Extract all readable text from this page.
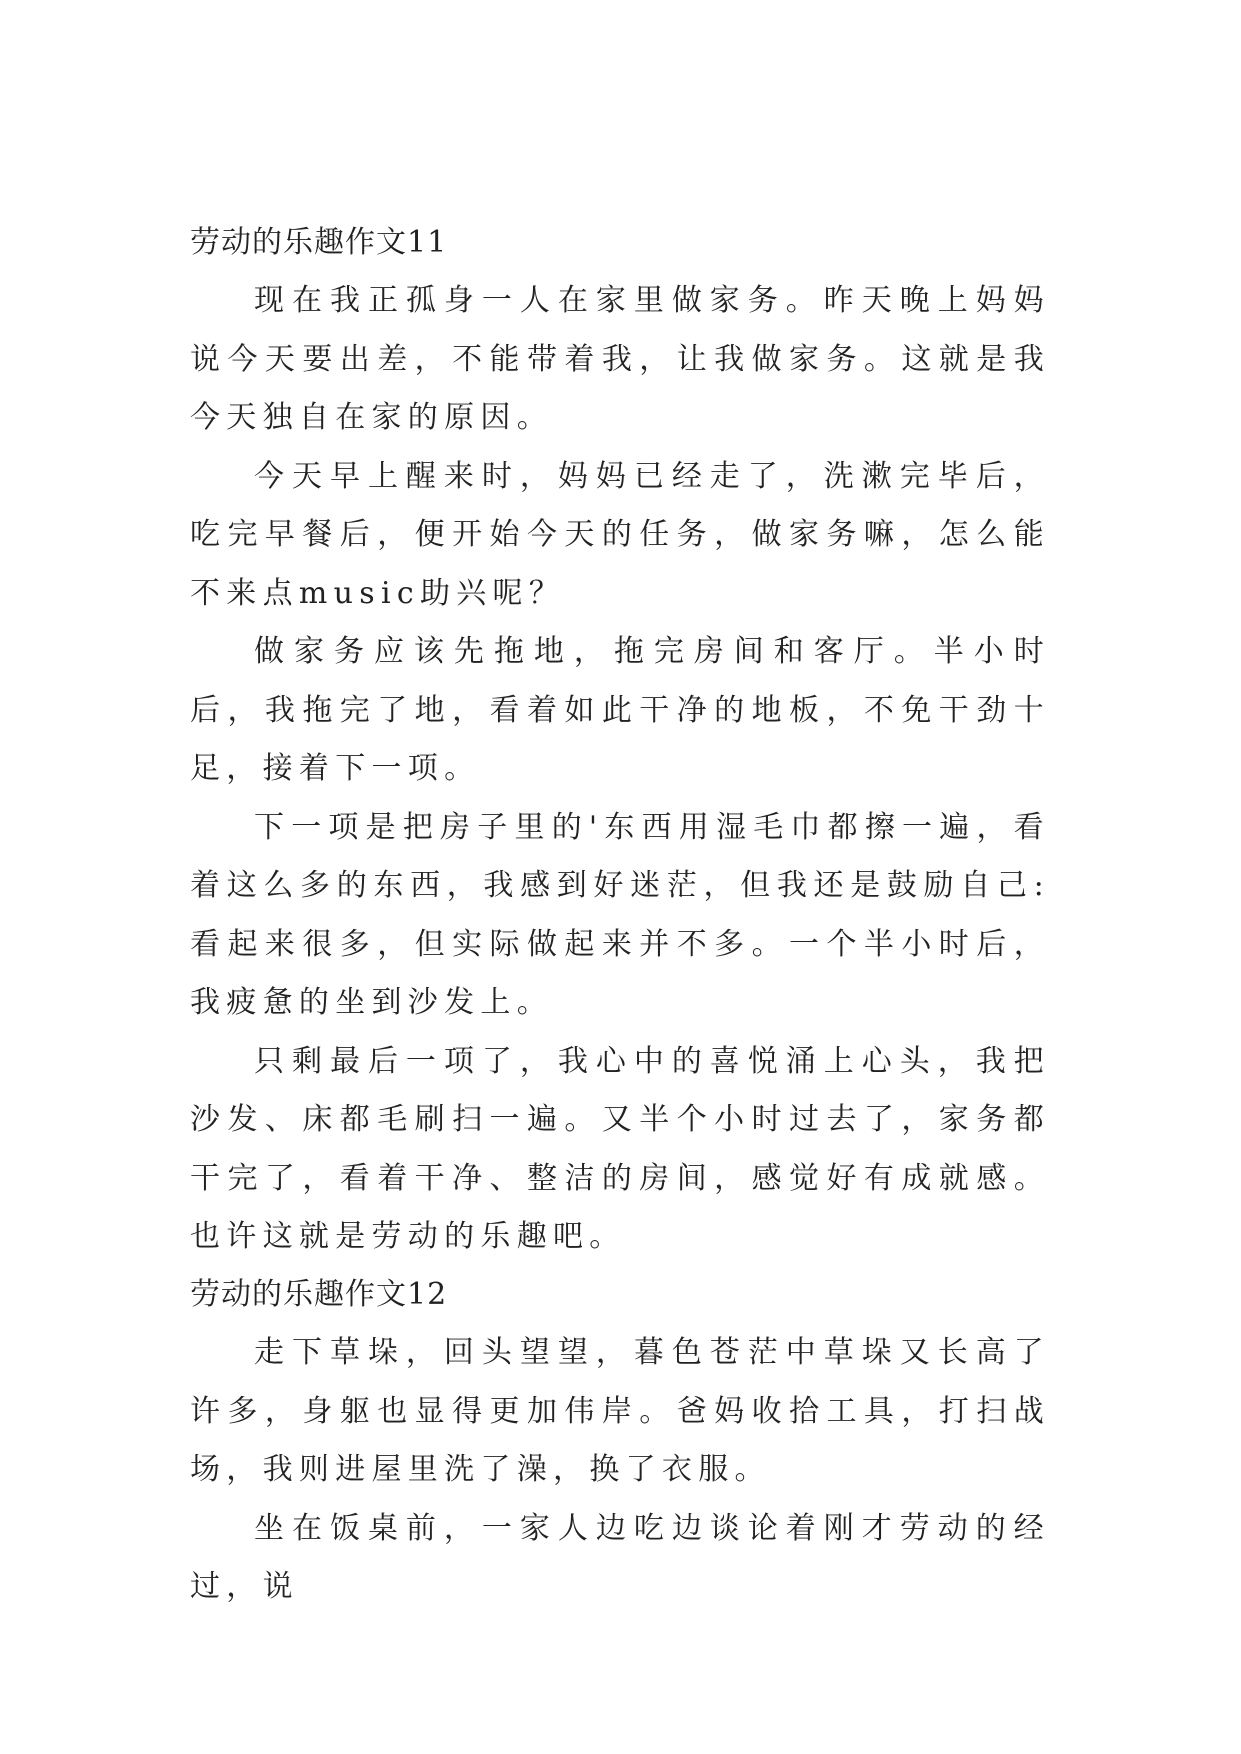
劳动的乐趣作文11

现在我正孤身一人在家里做家务。昨天晚上妈妈说今天要出差，不能带着我，让我做家务。这就是我今天独自在家的原因。

今天早上醒来时，妈妈已经走了，洗漱完毕后，吃完早餐后，便开始今天的任务，做家务嘛，怎么能不来点music助兴呢？

做家务应该先拖地，拖完房间和客厅。半小时后，我拖完了地，看着如此干净的地板，不免干劲十足，接着下一项。

下一项是把房子里的'东西用湿毛巾都擦一遍，看着这么多的东西，我感到好迷茫，但我还是鼓励自己:看起来很多，但实际做起来并不多。一个半小时后，我疲惫的坐到沙发上。

只剩最后一项了，我心中的喜悦涌上心头，我把沙发、床都毛刷扫一遍。又半个小时过去了，家务都干完了，看着干净、整洁的房间，感觉好有成就感。也许这就是劳动的乐趣吧。

劳动的乐趣作文12

走下草垛，回头望望，暮色苍茫中草垛又长高了许多，身躯也显得更加伟岸。爸妈收拾工具，打扫战场，我则进屋里洗了澡，换了衣服。

坐在饭桌前，一家人边吃边谈论着刚才劳动的经过，说
